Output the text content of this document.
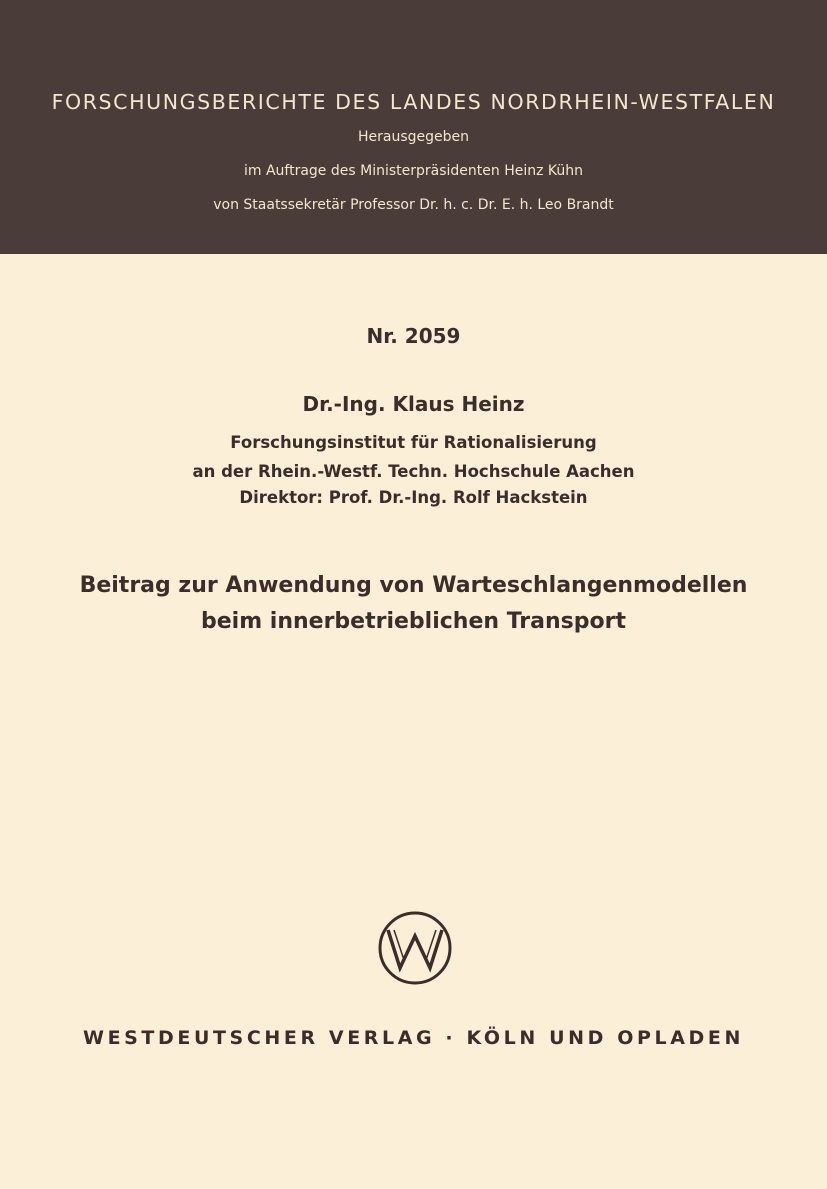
FORSCHUNGSBERICHTE DES LANDES NORDRHEIN-WESTFALEN
Herausgegeben
im Auftrage des Ministerpräsidenten Heinz Kühn
von Staatssekretär Professor Dr. h. c. Dr. E. h. Leo Brandt
Nr. 2059
Dr.-Ing. Klaus Heinz
Forschungsinstitut für Rationalisierung
an der Rhein.-Westf. Techn. Hochschule Aachen
Direktor: Prof. Dr.-Ing. Rolf Hackstein
Beitrag zur Anwendung von Warteschlangenmodellen
beim innerbetrieblichen Transport
WESTDEUTSCHER VERLAG · KÖLN UND OPLADEN
